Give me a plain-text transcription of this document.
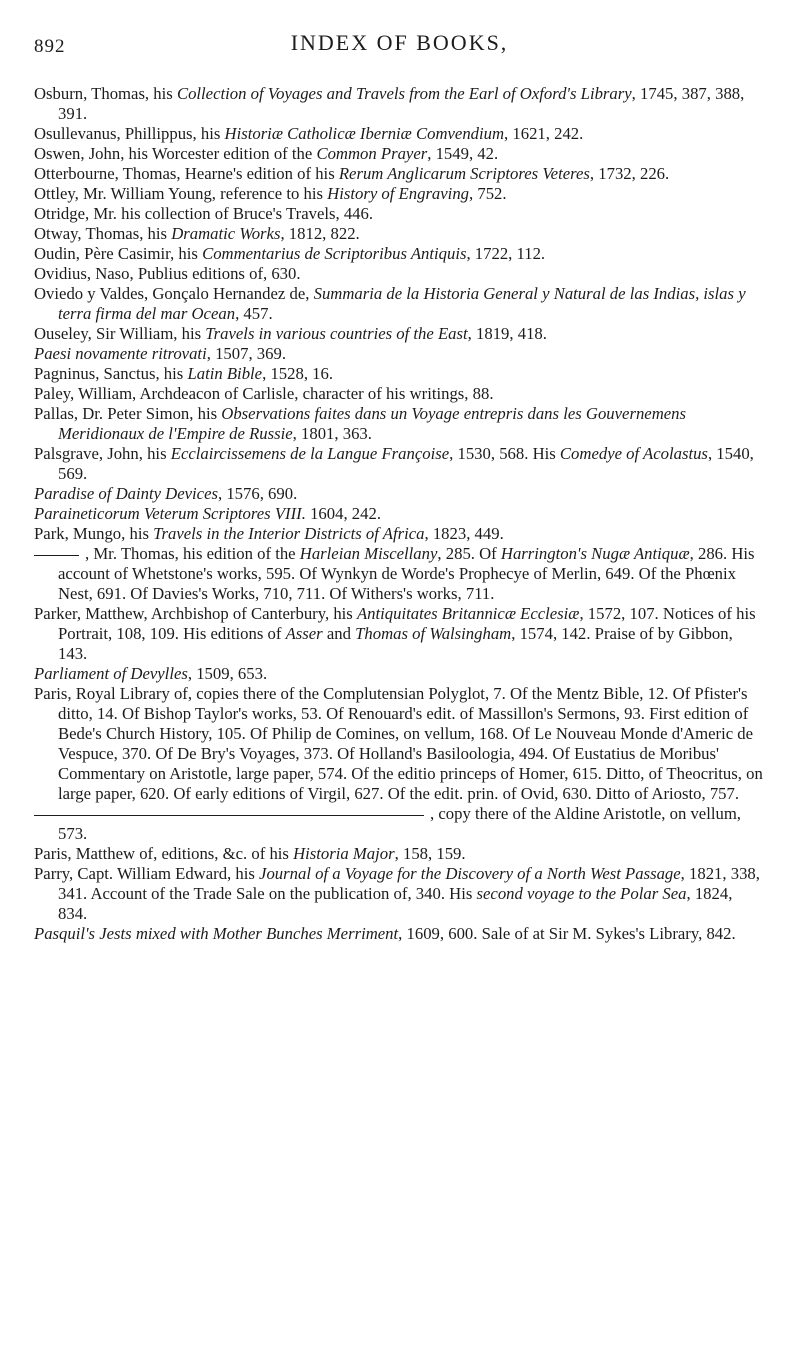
892	INDEX OF BOOKS,

Osburn, Thomas, his Collection of Voyages and Travels from the Earl of Oxford's Library, 1745, 387, 388, 391.

Osullevanus, Phillippus, his Historiæ Catholicæ Iberniæ Comvendium, 1621, 242.

Oswen, John, his Worcester edition of the Common Prayer, 1549, 42.

Otterbourne, Thomas, Hearne's edition of his Rerum Anglicarum Scriptores Veteres, 1732, 226.

Ottley, Mr. William Young, reference to his History of Engraving, 752.

Otridge, Mr. his collection of Bruce's Travels, 446.

Otway, Thomas, his Dramatic Works, 1812, 822.

Oudin, Père Casimir, his Commentarius de Scriptoribus Antiquis, 1722, 112.

Ovidius, Naso, Publius editions of, 630.

Oviedo y Valdes, Gonçalo Hernandez de, Summaria de la Historia General y Natural de las Indias, islas y terra firma del mar Ocean, 457.

Ouseley, Sir William, his Travels in various countries of the East, 1819, 418.

Paesi novamente ritrovati, 1507, 369.

Pagninus, Sanctus, his Latin Bible, 1528, 16.

Paley, William, Archdeacon of Carlisle, character of his writings, 88.

Pallas, Dr. Peter Simon, his Observations faites dans un Voyage entrepris dans les Gouvernemens Meridionaux de l'Empire de Russie, 1801, 363.

Palsgrave, John, his Ecclaircissemens de la Langue Françoise, 1530, 568. His Comedye of Acolastus, 1540, 569.

Paradise of Dainty Devices, 1576, 690.

Paraineticorum Veterum Scriptores VIII. 1604, 242.

Park, Mungo, his Travels in the Interior Districts of Africa, 1823, 449.

, Mr. Thomas, his edition of the Harleian Miscellany, 285. Of Harrington's Nugæ Antiquæ, 286. His account of Whetstone's works, 595. Of Wynkyn de Worde's Prophecye of Merlin, 649. Of the Phœnix Nest, 691. Of Davies's Works, 710, 711. Of Withers's works, 711.

Parker, Matthew, Archbishop of Canterbury, his Antiquitates Britannicæ Ecclesiæ, 1572, 107. Notices of his Portrait, 108, 109. His editions of Asser and Thomas of Walsingham, 1574, 142. Praise of by Gibbon, 143.

Parliament of Devylles, 1509, 653.

Paris, Royal Library of, copies there of the Complutensian Polyglot, 7. Of the Mentz Bible, 12. Of Pfister's ditto, 14. Of Bishop Taylor's works, 53. Of Renouard's edit. of Massillon's Sermons, 93. First edition of Bede's Church History, 105. Of Philip de Comines, on vellum, 168. Of Le Nouveau Monde d'Americ de Vespuce, 370. Of De Bry's Voyages, 373. Of Holland's Basiloologia, 494. Of Eustatius de Moribus' Commentary on Aristotle, large paper, 574. Of the editio princeps of Homer, 615. Ditto, of Theocritus, on large paper, 620. Of early editions of Virgil, 627. Of the edit. prin. of Ovid, 630. Ditto of Ariosto, 757.

, copy there of the Aldine Aristotle, on vellum, 573.

Paris, Matthew of, editions, &c. of his Historia Major, 158, 159.

Parry, Capt. William Edward, his Journal of a Voyage for the Discovery of a North West Passage, 1821, 338, 341. Account of the Trade Sale on the publication of, 340. His second voyage to the Polar Sea, 1824, 834.

Pasquil's Jests mixed with Mother Bunches Merriment, 1609, 600. Sale of at Sir M. Sykes's Library, 842.
